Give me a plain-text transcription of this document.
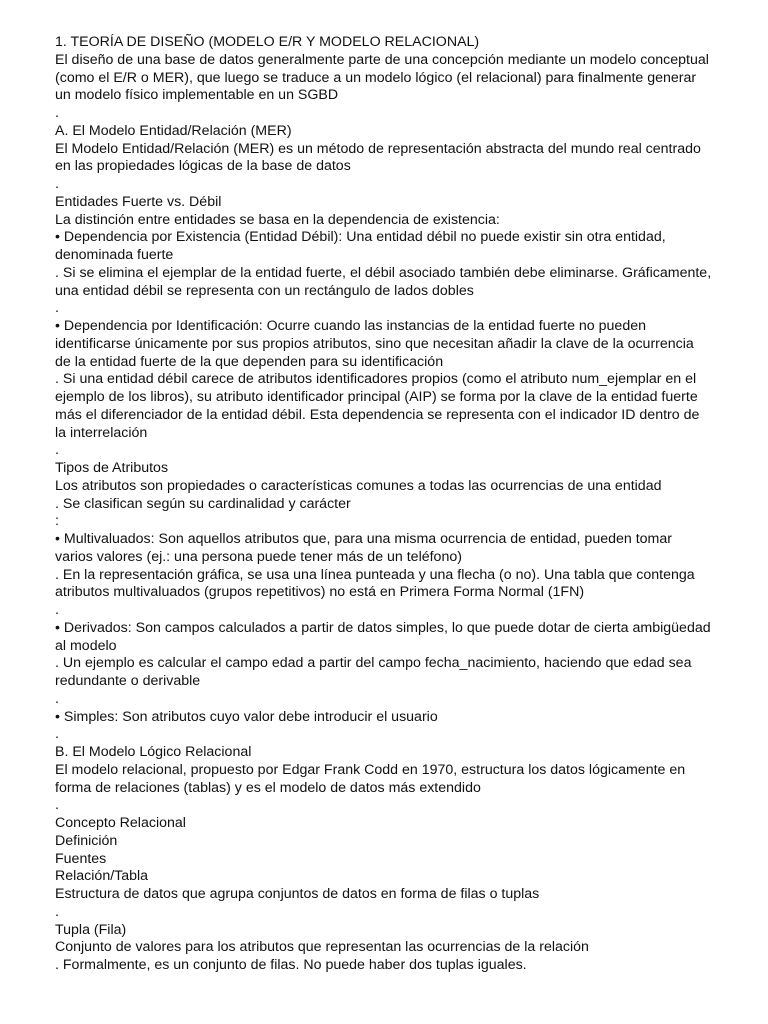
1. TEORÍA DE DISEÑO (MODELO E/R Y MODELO RELACIONAL)
El diseño de una base de datos generalmente parte de una concepción mediante un modelo conceptual
(como el E/R o MER), que luego se traduce a un modelo lógico (el relacional) para finalmente generar
un modelo físico implementable en un SGBD
.
A. El Modelo Entidad/Relación (MER)
El Modelo Entidad/Relación (MER) es un método de representación abstracta del mundo real centrado
en las propiedades lógicas de la base de datos
.
Entidades Fuerte vs. Débil
La distinción entre entidades se basa en la dependencia de existencia:
• Dependencia por Existencia (Entidad Débil): Una entidad débil no puede existir sin otra entidad,
denominada fuerte
. Si se elimina el ejemplar de la entidad fuerte, el débil asociado también debe eliminarse. Gráficamente,
una entidad débil se representa con un rectángulo de lados dobles
.
• Dependencia por Identificación: Ocurre cuando las instancias de la entidad fuerte no pueden
identificarse únicamente por sus propios atributos, sino que necesitan añadir la clave de la ocurrencia
de la entidad fuerte de la que dependen para su identificación
. Si una entidad débil carece de atributos identificadores propios (como el atributo num_ejemplar en el
ejemplo de los libros), su atributo identificador principal (AIP) se forma por la clave de la entidad fuerte
más el diferenciador de la entidad débil. Esta dependencia se representa con el indicador ID dentro de
la interrelación
.
Tipos de Atributos
Los atributos son propiedades o características comunes a todas las ocurrencias de una entidad
. Se clasifican según su cardinalidad y carácter
:
• Multivaluados: Son aquellos atributos que, para una misma ocurrencia de entidad, pueden tomar
varios valores (ej.: una persona puede tener más de un teléfono)
. En la representación gráfica, se usa una línea punteada y una flecha (o no). Una tabla que contenga
atributos multivaluados (grupos repetitivos) no está en Primera Forma Normal (1FN)
.
• Derivados: Son campos calculados a partir de datos simples, lo que puede dotar de cierta ambigüedad
al modelo
. Un ejemplo es calcular el campo edad a partir del campo fecha_nacimiento, haciendo que edad sea
redundante o derivable
.
• Simples: Son atributos cuyo valor debe introducir el usuario
.
B. El Modelo Lógico Relacional
El modelo relacional, propuesto por Edgar Frank Codd en 1970, estructura los datos lógicamente en
forma de relaciones (tablas) y es el modelo de datos más extendido
.
Concepto Relacional
Definición
Fuentes
Relación/Tabla
Estructura de datos que agrupa conjuntos de datos en forma de filas o tuplas
.
Tupla (Fila)
Conjunto de valores para los atributos que representan las ocurrencias de la relación
. Formalmente, es un conjunto de filas. No puede haber dos tuplas iguales.
